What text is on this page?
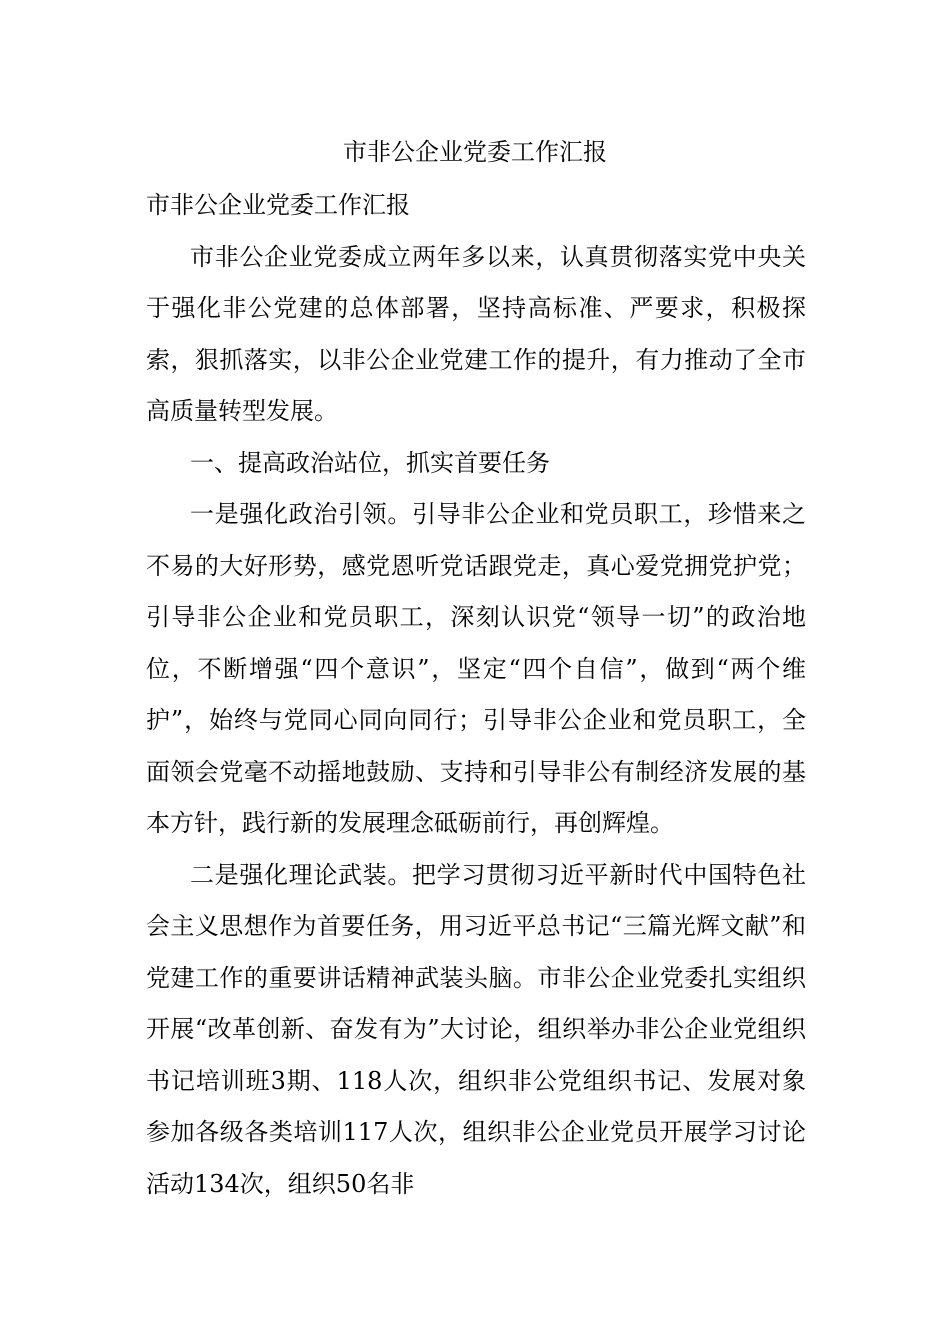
市非公企业党委工作汇报

市非公企业党委工作汇报

市非公企业党委成立两年多以来，认真贯彻落实党中央关于强化非公党建的总体部署，坚持高标准、严要求，积极探索，狠抓落实，以非公企业党建工作的提升，有力推动了全市高质量转型发展。

一、提高政治站位，抓实首要任务

一是强化政治引领。引导非公企业和党员职工，珍惜来之不易的大好形势，感党恩听党话跟党走，真心爱党拥党护党；引导非公企业和党员职工，深刻认识党“领导一切”的政治地位，不断增强“四个意识”，坚定“四个自信”，做到“两个维护”，始终与党同心同向同行；引导非公企业和党员职工，全面领会党毫不动摇地鼓励、支持和引导非公有制经济发展的基本方针，践行新的发展理念砥砺前行，再创辉煌。

二是强化理论武装。把学习贯彻习近平新时代中国特色社会主义思想作为首要任务，用习近平总书记“三篇光辉文献”和党建工作的重要讲话精神武装头脑。市非公企业党委扎实组织开展“改革创新、奋发有为”大讨论，组织举办非公企业党组织书记培训班3期、118人次，组织非公党组织书记、发展对象参加各级各类培训117人次，组织非公企业党员开展学习讨论活动134次，组织50名非
